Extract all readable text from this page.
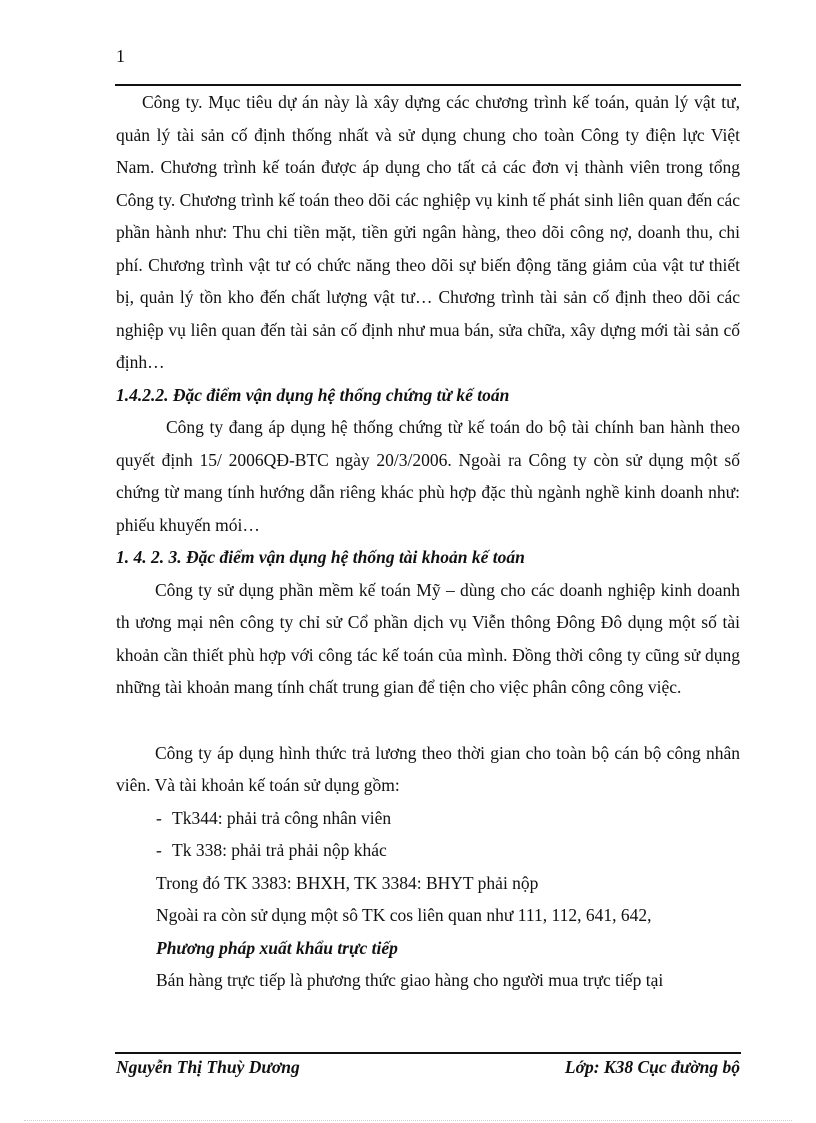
1

Công ty. Mục tiêu dự án này là xây dựng các chương trình kế toán, quản lý vật tư, quản lý tài sản cố định thống nhất và sử dụng chung cho toàn Công ty điện lực Việt Nam. Chương trình kế toán được áp dụng cho tất cả các đơn vị thành viên trong tổng Công ty. Chương trình kế toán theo dõi các nghiệp vụ kinh tế phát sinh liên quan đến các phần hành như: Thu chi tiền mặt, tiền gửi ngân hàng, theo dõi công nợ, doanh thu, chi phí. Chương trình vật tư có chức năng theo dõi sự biến động tăng giảm của vật tư thiết bị, quản lý tồn kho đến chất lượng vật tư… Chương trình tài sản cố định theo dõi các nghiệp vụ liên quan đến tài sản cố định như mua bán, sửa chữa, xây dựng mới tài sản cố định…

1.4.2.2. Đặc điểm vận dụng hệ thống chứng từ kế toán

Công ty đang áp dụng hệ thống chứng từ kế toán do bộ tài chính ban hành theo quyết định 15/ 2006QĐ-BTC ngày 20/3/2006. Ngoài ra Công ty còn sử dụng một số chứng từ mang tính hướng dẫn riêng khác phù hợp đặc thù ngành nghề kinh doanh như: phiếu khuyến mói…

1. 4. 2. 3. Đặc điểm vận dụng hệ thống tài khoản kế toán

Công ty sử dụng phần mềm kế toán Mỹ – dùng cho các doanh nghiệp kinh doanh th ương mại nên công ty chỉ sử Cổ phần dịch vụ Viễn thông Đông Đô dụng một số tài khoản cần thiết phù hợp với công tác kế toán của mình. Đồng thời công ty cũng sử dụng những tài khoản mang tính chất trung gian để tiện cho việc phân công công việc.

Công ty áp dụng hình thức trả lương theo thời gian cho toàn bộ cán bộ công nhân viên. Và tài khoản kế toán sử dụng gồm:

- Tk344: phải trả công nhân viên

- Tk 338: phải trả phải nộp khác

Trong đó TK 3383: BHXH, TK 3384: BHYT phải nộp

Ngoài ra còn sử dụng một sô TK cos liên quan như 111, 112, 641, 642,

Phương pháp xuất khẩu trực tiếp

Bán hàng trực tiếp là phương thức giao hàng cho người mua trực tiếp tại

Nguyễn Thị Thuỳ Dương	Lớp: K38 Cục đường bộ
